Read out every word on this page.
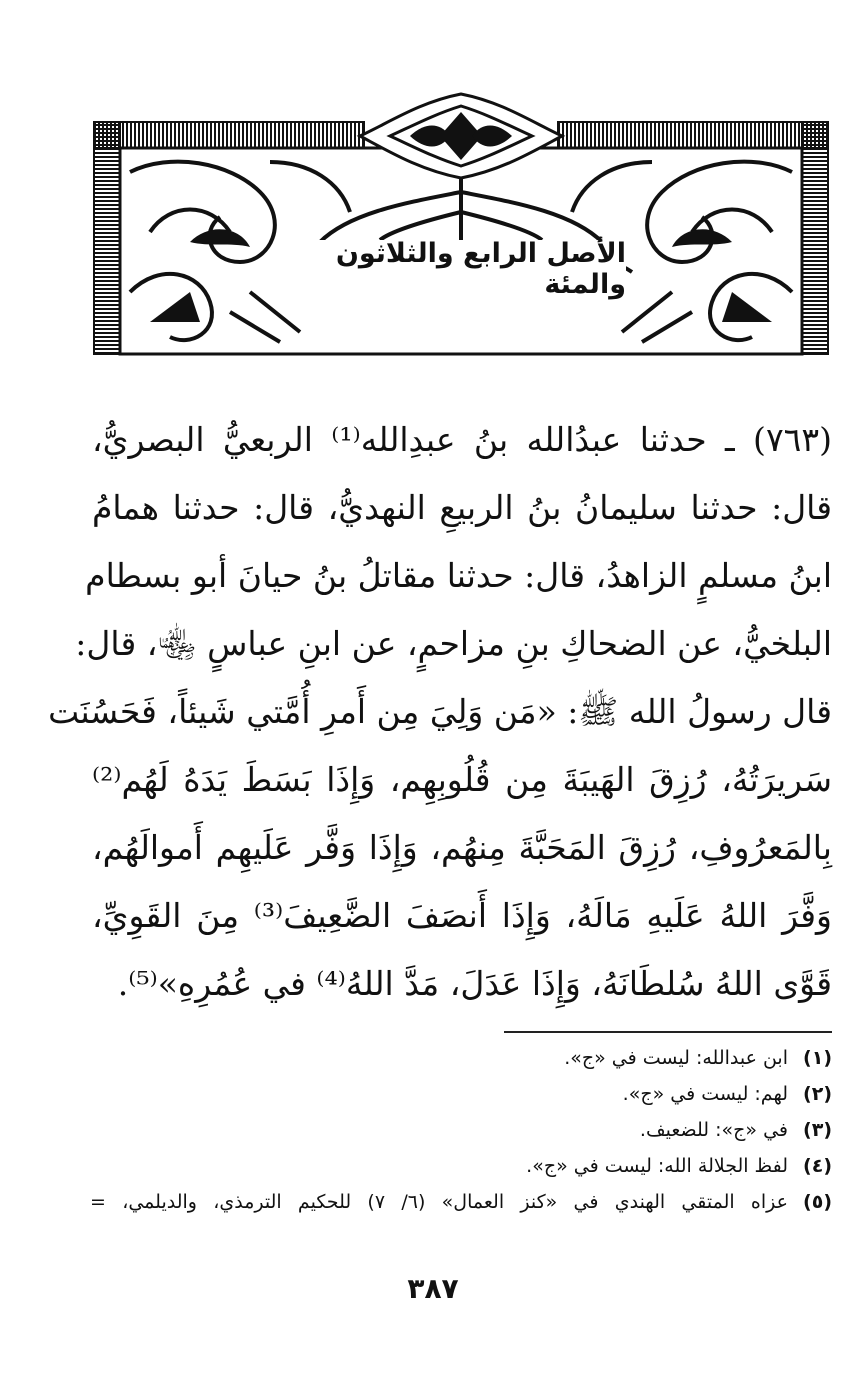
الأصل الرابع والثلاثون والمئة
(٧٦٣) ـ حدثنا عبدُالله بنُ عبدِالله⁽¹⁾ الربعيُّ البصريُّ،
قال: حدثنا سليمانُ بنُ الربيعِ النهديُّ، قال: حدثنا همامُ
ابنُ مسلمٍ الزاهدُ، قال: حدثنا مقاتلُ بنُ حيانَ أبو بسطام
البلخيُّ، عن الضحاكِ بنِ مزاحمٍ، عن ابنِ عباسٍ ﵄، قال:
قال رسولُ الله ﷺ: «مَن وَلِيَ مِن أَمرِ أُمَّتي شَيئاً، فَحَسُنَت
سَريرَتُهُ، رُزِقَ الهَيبَةَ مِن قُلُوبِهِم، وَإِذَا بَسَطَ يَدَهُ لَهُم⁽²⁾
بِالمَعرُوفِ، رُزِقَ المَحَبَّةَ مِنهُم، وَإِذَا وَفَّر عَلَيهِم أَموالَهُم،
وَفَّرَ اللهُ عَلَيهِ مَالَهُ، وَإِذَا أَنصَفَ الضَّعِيفَ⁽³⁾ مِنَ القَوِيِّ،
قَوَّى اللهُ سُلطَانَهُ، وَإِذَا عَدَلَ، مَدَّ اللهُ⁽⁴⁾ في عُمُرِهِ»⁽⁵⁾.
(١)
ابن عبدالله: ليست في «ج».
(٢)
لهم: ليست في «ج».
(٣)
في «ج»: للضعيف.
(٤)
لفظ الجلالة الله: ليست في «ج».
(٥)
عزاه المتقي الهندي في «كنز العمال» (٦/ ٧) للحكيم الترمذي، والديلمي، =
٣٨٧
